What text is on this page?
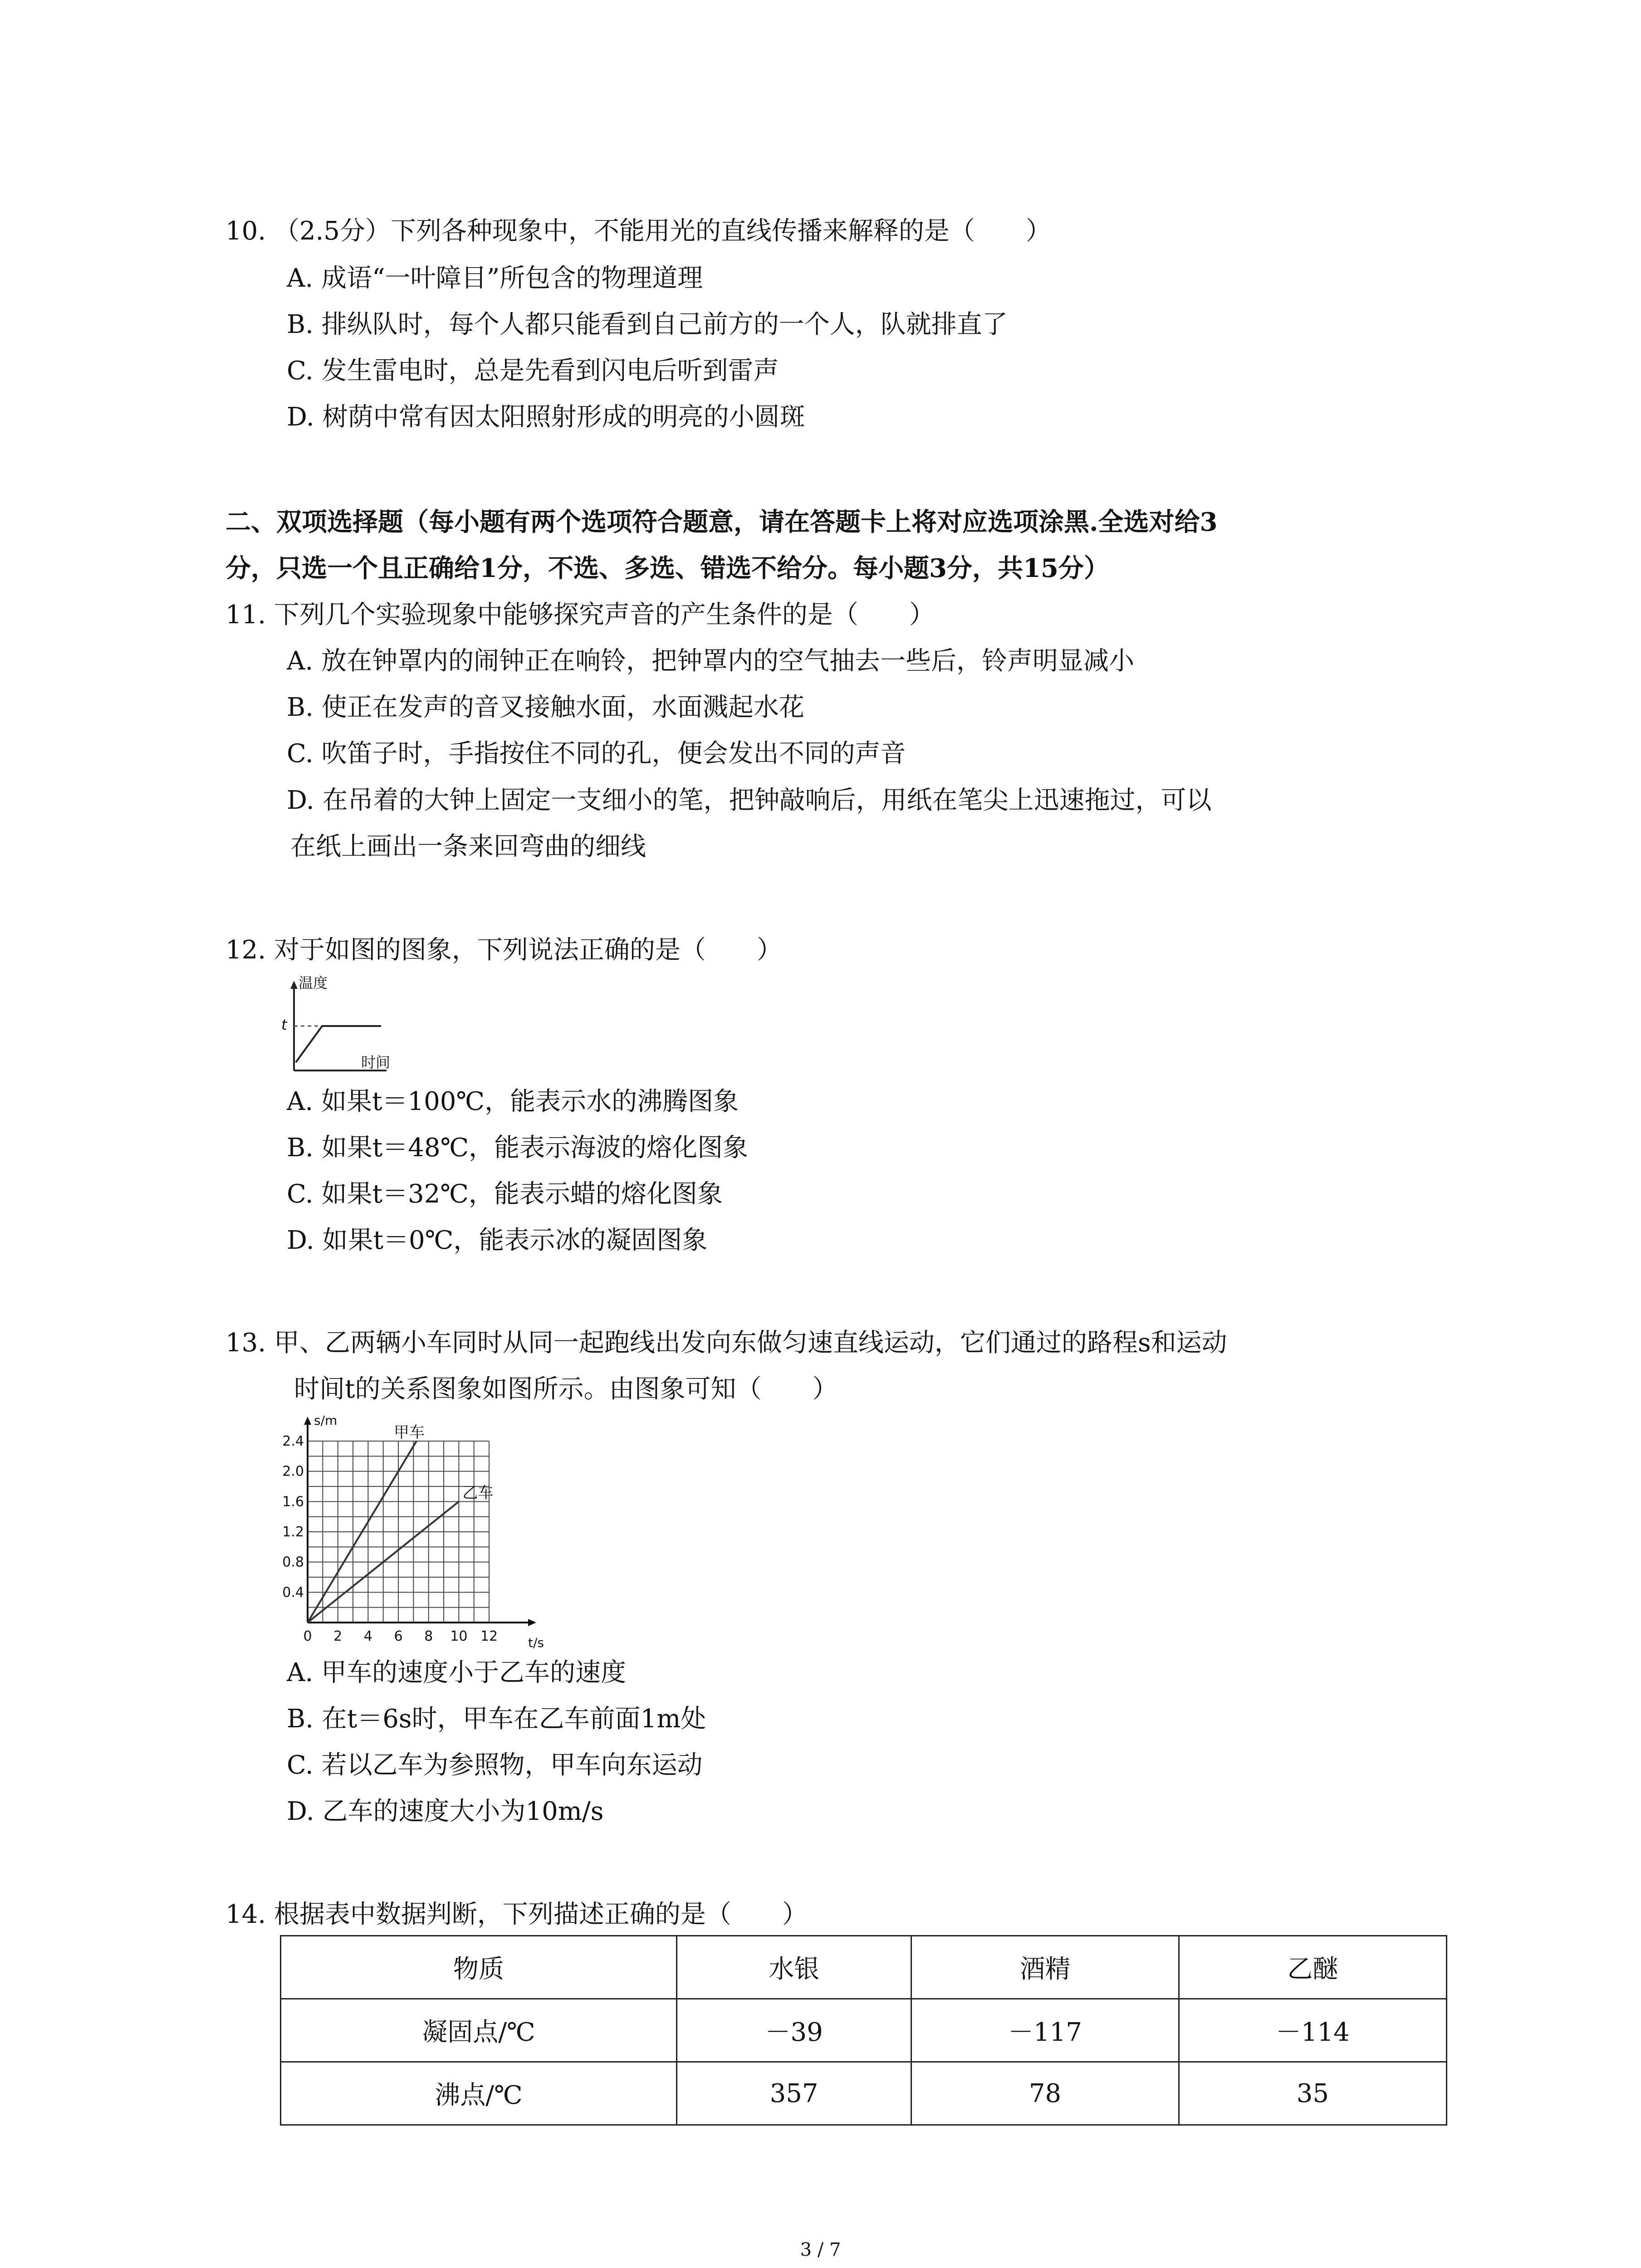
10. （2.5分）下列各种现象中，不能用光的直线传播来解释的是（　　）
A. 成语“一叶障目”所包含的物理道理
B. 排纵队时，每个人都只能看到自己前方的一个人，队就排直了
C. 发生雷电时，总是先看到闪电后听到雷声
D. 树荫中常有因太阳照射形成的明亮的小圆斑
二、双项选择题（每小题有两个选项符合题意，请在答题卡上将对应选项涂黑.全选对给3
分，只选一个且正确给1分，不选、多选、错选不给分。每小题3分，共15分）
11. 下列几个实验现象中能够探究声音的产生条件的是（　　）
A. 放在钟罩内的闹钟正在响铃，把钟罩内的空气抽去一些后，铃声明显减小
B. 使正在发声的音叉接触水面，水面溅起水花
C. 吹笛子时，手指按住不同的孔，便会发出不同的声音
D. 在吊着的大钟上固定一支细小的笔，把钟敲响后，用纸在笔尖上迅速拖过，可以
在纸上画出一条来回弯曲的细线
12. 对于如图的图象，下列说法正确的是（　　）
温度
t
时间
A. 如果t＝100℃，能表示水的沸腾图象
B. 如果t＝48℃，能表示海波的熔化图象
C. 如果t＝32℃，能表示蜡的熔化图象
D. 如果t＝0℃，能表示冰的凝固图象
13. 甲、乙两辆小车同时从同一起跑线出发向东做匀速直线运动，它们通过的路程s和运动
时间t的关系图象如图所示。由图象可知（　　）
0 2 4 6 8 10 12
0.4
0.8
1.2
1.6
2.0
2.4
t/s
s/m
甲车
乙车
A. 甲车的速度小于乙车的速度
B. 在t＝6s时，甲车在乙车前面1m处
C. 若以乙车为参照物，甲车向东运动
D. 乙车的速度大小为10m/s
14. 根据表中数据判断，下列描述正确的是（　　）
物质	水银	酒精	乙醚
凝固点/℃	－39	－117	－114
沸点/℃	357	78	35
3 / 7
